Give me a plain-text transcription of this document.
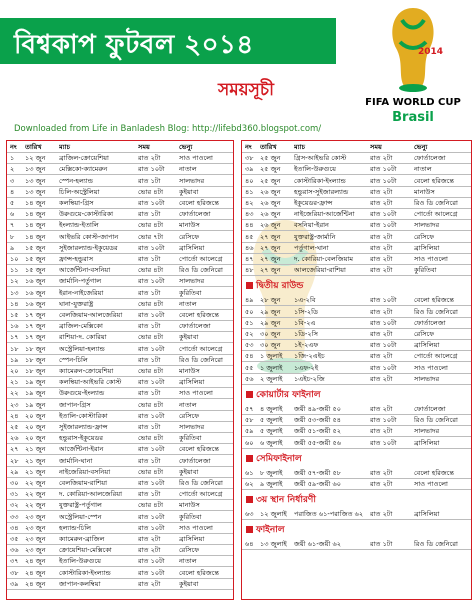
বিশ্বকাপ ফুটবল ২০১৪
সময়সূচী
2014
FIFA WORLD CUP
Brasil
Downloaded from Life in Banladesh Blog: http://lifebd360.blogspot.com/
নং	তারিখ	ম্যাচ	সময়	ভেন্যু
১	১২ জুন	ব্রাজিল-ক্রোয়েশিয়া	রাত ২টা	সাও পাওলো
২	১৩ জুন	মেক্সিকো-ক্যামেরুন	রাত ১০টা	নাতাল
৩	১৩ জুন	স্পেন-হল্যান্ড	রাত ১টা	সালভাদর
৪	১৩ জুন	চিলি-অস্ট্রেলিয়া	ভোর ৪টা	কুইয়াবা
৫	১৪ জুন	কলম্বিয়া-গ্রিস	রাত ১০টা	বেলো হরিজন্তে
৬	১৪ জুন	উরুগুয়ে-কোস্টারিকা	রাত ১টা	ফোর্তালেজা
৭	১৪ জুন	ইংল্যান্ড-ইতালি	ভোর ৪টা	মানাউস
৮	১৪ জুন	আইভরি কোস্ট-জাপান	ভোর ৭টা	রেসিফে
৯	১৫ জুন	সুইজারল্যান্ড-ইকুয়েডর	রাত ১০টা	ব্রাসিলিয়া
১০ ১৫ জুন	ফ্রান্স-হন্ডুরাস	রাত ১টা	পোর্তো আলেগ্রে
১১ ১৫ জুন	আর্জেন্টিনা-বসনিয়া	ভোর ৪টা	রিও ডি জেনিরো
১২ ১৬ জুন	জার্মানি-পর্তুগাল	রাত ১০টা	সালভাদর
১৩ ১৬ জুন	ইরান-নাইজেরিয়া	রাত ১টা	কুরিতিবা
১৪ ১৬ জুন	ঘানা-যুক্তরাষ্ট্র	ভোর ৪টা	নাতাল
১৫ ১৭ জুন	বেলজিয়াম-আলজেরিয়া	রাত ১০টা	বেলো হরিজন্তে
১৬ ১৭ জুন	ব্রাজিল-মেক্সিকো	রাত ১টা	ফোর্তালেজা
১৭ ১৭ জুন	রাশিয়া-দ. কোরিয়া	ভোর ৪টা	কুইয়াবা
১৮ ১৮ জুন	অস্ট্রেলিয়া-হল্যান্ড	রাত ১০টা	পোর্তো আলেগ্রে
১৯ ১৮ জুন	স্পেন-চিলি	রাত ১টা	রিও ডি জেনিরো
২০ ১৮ জুন	ক্যামেরুন-ক্রোয়েশিয়া	ভোর ৪টা	মানাউস
২১ ১৯ জুন	কলম্বিয়া-আইভরি কোস্ট	রাত ১০টা	ব্রাসিলিয়া
২২ ১৯ জুন	উরুগুয়ে-ইংল্যান্ড	রাত ১টা	সাও পাওলো
২৩ ১৯ জুন	জাপান-গ্রিস	ভোর ৪টা	নাতাল
২৪ ২০ জুন	ইতালি-কোস্টারিকা	রাত ১০টা	রেসিফে
২৫ ২০ জুন	সুইজারল্যান্ড-ফ্রান্স	রাত ১টা	সালভাদর
২৬ ২০ জুন	হন্ডুরাস-ইকুয়েডর	ভোর ৪টা	কুরিতিবা
২৭ ২১ জুন	আর্জেন্টিনা-ইরান	রাত ১০টা	বেলো হরিজন্তে
২৮ ২১ জুন	জার্মানি-ঘানা	রাত ১টা	ফোর্তালেজা
২৯ ২১ জুন	নাইজেরিয়া-বসনিয়া	ভোর ৪টা	কুইয়াবা
৩০ ২২ জুন	বেলজিয়াম-রাশিয়া	রাত ১০টা	রিও ডি জেনিরো
৩১ ২২ জুন	দ. কোরিয়া-আলজেরিয়া	রাত ১টা	পোর্তো আলেগ্রে
৩২ ২২ জুন	যুক্তরাষ্ট্র-পর্তুগাল	ভোর ৪টা	মানাউস
৩৩ ২৩ জুন	অস্ট্রেলিয়া-স্পেন	রাত ১০টা	কুরিতিবা
৩৪ ২৩ জুন	হল্যান্ড-চিলি	রাত ১০টা	সাও পাওলো
৩৫ ২৩ জুন	ক্যামেরুন-ব্রাজিল	রাত ২টা	ব্রাসিলিয়া
৩৬ ২৩ জুন	ক্রোয়েশিয়া-মেক্সিকো	রাত ২টা	রেসিফে
৩৭ ২৪ জুন	ইতালি-উরুগুয়ে	রাত ১০টা	নাতাল
৩৮ ২৪ জুন	কোস্টারিকা-ইংল্যান্ড	রাত ১০টা	বেলো হরিজন্তে
৩৯ ২৪ জুন	জাপান-কলম্বিয়া	রাত ২টা	কুইয়াবা
নং	তারিখ	ম্যাচ	সময়	ভেন্যু
৩৮ ২৫ জুন	গ্রিস-আইভরি কোস্ট	রাত ২টা	ফোর্তালেজা
৩৯ ২৫ জুন	ইতালি-উরুগুয়ে	রাত ১০টা	নাতাল
৪০ ২৫ জুন	কোস্টারিকা-ইংল্যান্ড	রাত ১০টা	বেলো হরিজন্তে
৪১ ২৬ জুন	হন্ডুরাস-সুইজারল্যান্ড	রাত ২টা	মানাউস
৪২ ২৬ জুন	ইকুয়েডর-ফ্রান্স	রাত ২টা	রিও ডি জেনিরো
৪৩ ২৬ জুন	নাইজেরিয়া-আর্জেন্টিনা	রাত ১০টা	পোর্তো আলেগ্রে
৪৪ ২৬ জুন	বসনিয়া-ইরান	রাত ১০টা	সালভাদর
৪৫ ২৭ জুন	যুক্তরাষ্ট্র-জার্মানি	রাত ২টা	রেসিফে
৪৬ ২৭ জুন	পর্তুগাল-ঘানা	রাত ২টা	ব্রাসিলিয়া
৪৭ ২৭ জুন	দ. কোরিয়া-বেলজিয়াম	রাত ২টা	সাও পাওলো
৪৮ ২৭ জুন	আলজেরিয়া-রাশিয়া	রাত ২টা	কুরিতিবা
দ্বিতীয় রাউন্ড
৪৯ ২৮ জুন	১এ-২বি	রাত ১০টা	বেলো হরিজন্তে
৫০ ২৯ জুন	১সি-২ডি	রাত ২টা	রিও ডি জেনিরো
৫১ ২৯ জুন	১বি-২এ	রাত ১০টা	ফোর্তালেজা
৫২ ৩০ জুন	১ডি-২সি	রাত ২টা	রেসিফে
৫৩ ৩০ জুন	১ই-২এফ	রাত ১০টা	ব্রাসিলিয়া
৫৪ ১ জুলাই	১জি-২এইচ	রাত ২টা	পোর্তো আলেগ্রে
৫৫ ১ জুলাই	১এফ-২ই	রাত ১০টা	সাও পাওলো
৫৬ ২ জুলাই	১এইচ-২জি	রাত ২টা	সালভাদর
কোয়ার্টার ফাইনাল
৫৭ ৪ জুলাই	জয়ী ৪৯-জয়ী ৫০	রাত ২টা	ফোর্তালেজা
৫৮ ৫ জুলাই	জয়ী ৫৩-জয়ী ৫৪	রাত ১০টা	রিও ডি জেনিরো
৫৯ ৫ জুলাই	জয়ী ৫১-জয়ী ৫২	রাত ২টা	সালভাদর
৬০ ৬ জুলাই	জয়ী ৫৫-জয়ী ৫৬	রাত ১০টা	ব্রাসিলিয়া
সেমিফাইনাল
৬১ ৮ জুলাই	জয়ী ৫৭-জয়ী ৫৮	রাত ২টা	বেলো হরিজন্তে
৬২ ৯ জুলাই	জয়ী ৫৯-জয়ী ৬০	রাত ২টা	সাও পাওলো
৩য় স্থান নির্ধারণী
৬৩ ১২ জুলাই	পরাজিত ৬১-পরাজিত ৬২	রাত ২টা	ব্রাসিলিয়া
ফাইনাল
৬৪ ১৩ জুলাই	জয়ী ৬১-জয়ী ৬২	রাত ১টা	রিও ডি জেনিরো
